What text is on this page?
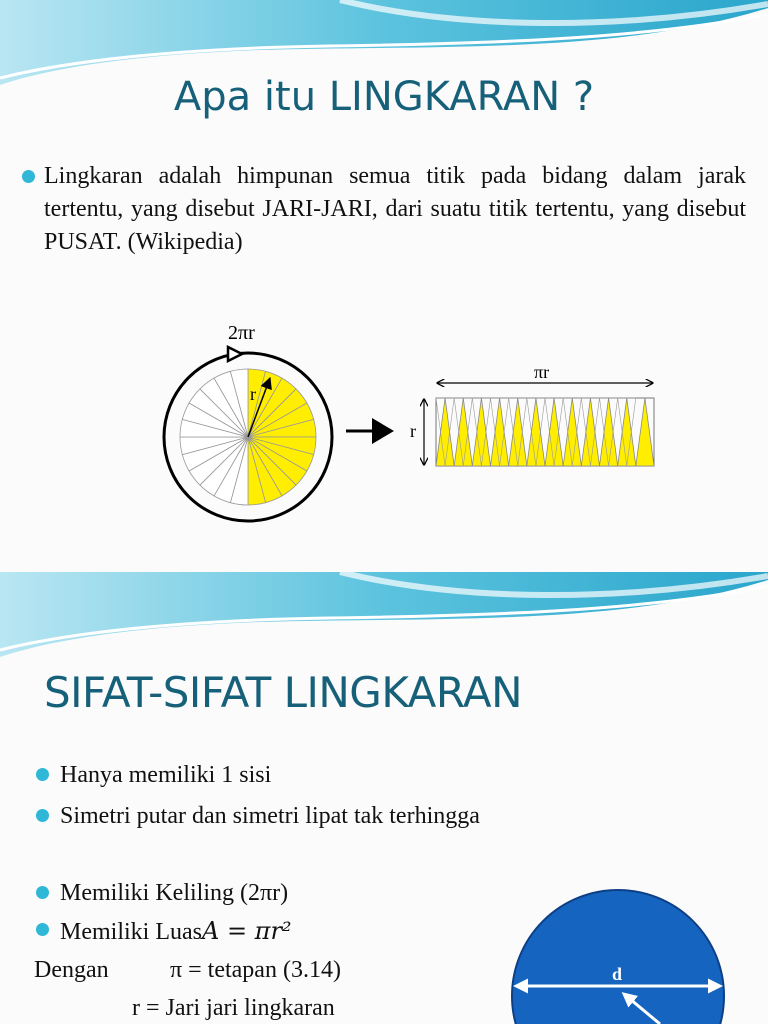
Apa itu LINGKARAN ?

Lingkaran adalah himpunan semua titik pada bidang dalam jarak tertentu, yang disebut JARI-JARI, dari suatu titik tertentu, yang disebut PUSAT. (Wikipedia)

2πr
r
πr
r
SIFAT-SIFAT LINGKARAN

Hanya memiliki 1 sisi

Simetri putar dan simetri lipat tak terhingga

Memiliki Keliling (2πr)

Memiliki LuasA = πr²

Dengan	π = tetapan (3.14)

r = Jari jari lingkaran

d
